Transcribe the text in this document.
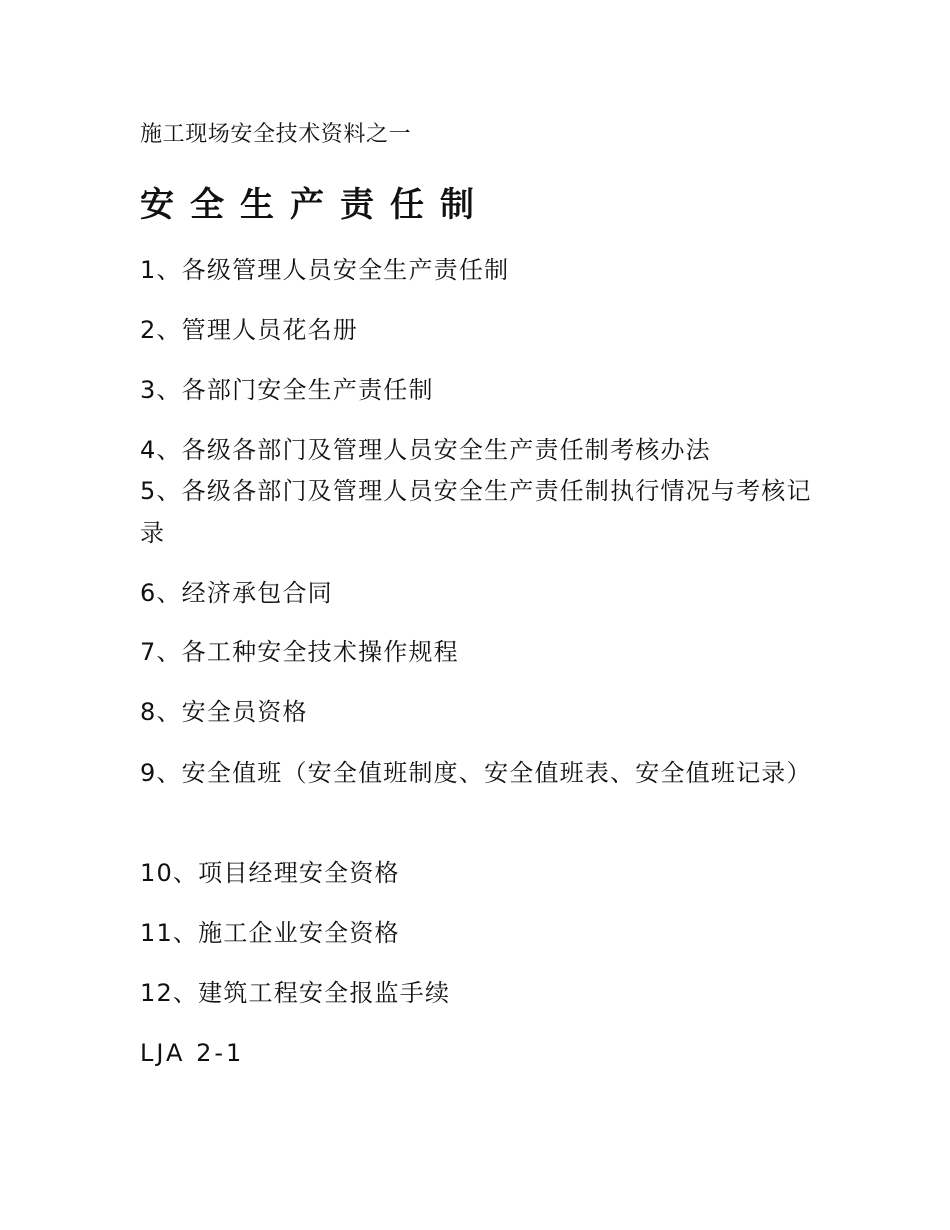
施工现场安全技术资料之一

安全生产责任制

1、各级管理人员安全生产责任制

2、管理人员花名册

3、各部门安全生产责任制

4、各级各部门及管理人员安全生产责任制考核办法

5、各级各部门及管理人员安全生产责任制执行情况与考核记录

6、经济承包合同

7、各工种安全技术操作规程

8、安全员资格

9、安全值班（安全值班制度、安全值班表、安全值班记录）

10、项目经理安全资格

11、施工企业安全资格

12、建筑工程安全报监手续

LJA 2-1
